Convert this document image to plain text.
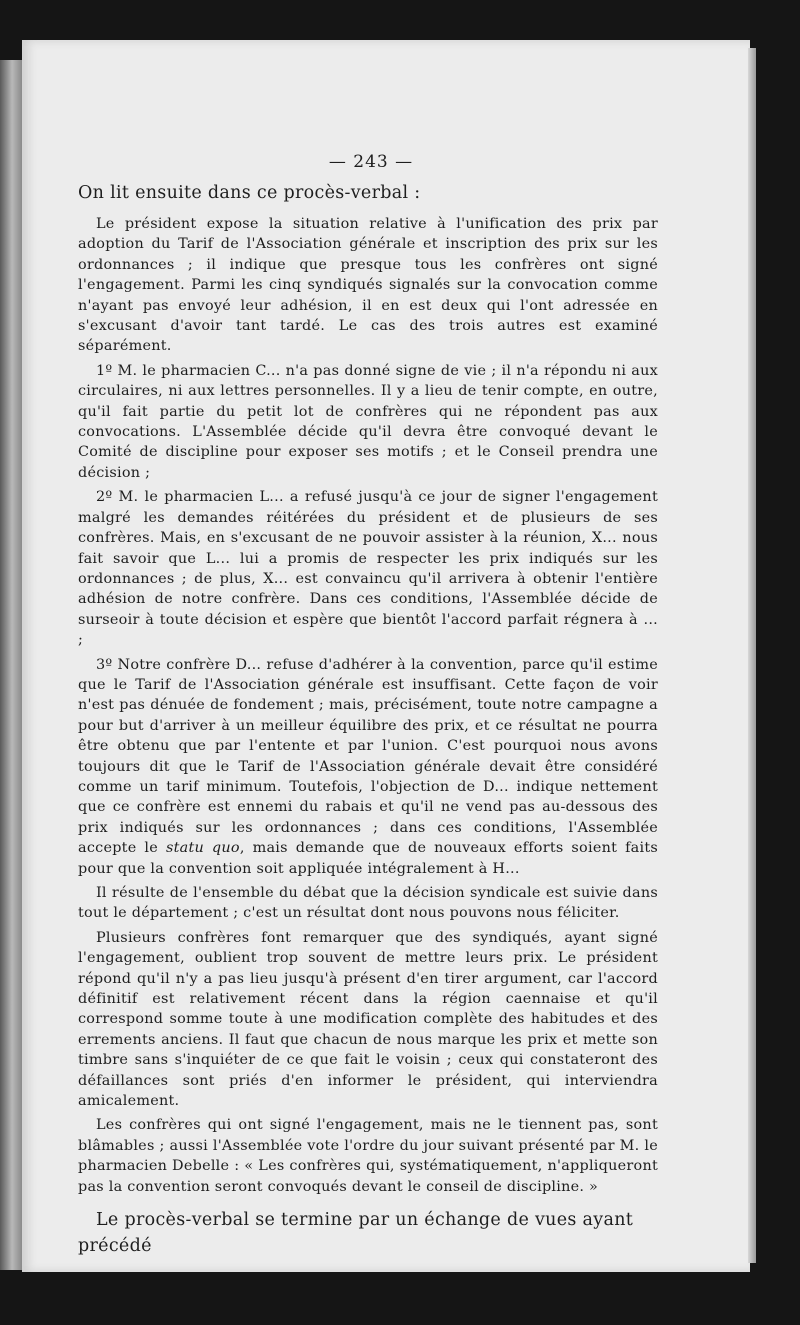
— 243 —

On lit ensuite dans ce procès-verbal :

Le président expose la situation relative à l'unification des prix par adoption du Tarif de l'Association générale et inscription des prix sur les ordonnances ; il indique que presque tous les confrères ont signé l'engagement. Parmi les cinq syndiqués signalés sur la convocation comme n'ayant pas envoyé leur adhésion, il en est deux qui l'ont adressée en s'excusant d'avoir tant tardé. Le cas des trois autres est examiné séparément.

1º M. le pharmacien C... n'a pas donné signe de vie ; il n'a répondu ni aux circulaires, ni aux lettres personnelles. Il y a lieu de tenir compte, en outre, qu'il fait partie du petit lot de confrères qui ne répondent pas aux convocations. L'Assemblée décide qu'il devra être convoqué devant le Comité de discipline pour exposer ses motifs ; et le Conseil prendra une décision ;

2º M. le pharmacien L... a refusé jusqu'à ce jour de signer l'engagement malgré les demandes réitérées du président et de plusieurs de ses confrères. Mais, en s'excusant de ne pouvoir assister à la réunion, X... nous fait savoir que L... lui a promis de respecter les prix indiqués sur les ordonnances ; de plus, X... est convaincu qu'il arrivera à obtenir l'entière adhésion de notre confrère. Dans ces conditions, l'Assemblée décide de surseoir à toute décision et espère que bientôt l'accord parfait régnera à ... ;

3º Notre confrère D... refuse d'adhérer à la convention, parce qu'il estime que le Tarif de l'Association générale est insuffisant. Cette façon de voir n'est pas dénuée de fondement ; mais, précisément, toute notre campagne a pour but d'arriver à un meilleur équilibre des prix, et ce résultat ne pourra être obtenu que par l'entente et par l'union. C'est pourquoi nous avons toujours dit que le Tarif de l'Association générale devait être considéré comme un tarif minimum. Toutefois, l'objection de D... indique nettement que ce confrère est ennemi du rabais et qu'il ne vend pas au-dessous des prix indiqués sur les ordonnances ; dans ces conditions, l'Assemblée accepte le statu quo, mais demande que de nouveaux efforts soient faits pour que la convention soit appliquée intégralement à H...

Il résulte de l'ensemble du débat que la décision syndicale est suivie dans tout le département ; c'est un résultat dont nous pouvons nous féliciter.

Plusieurs confrères font remarquer que des syndiqués, ayant signé l'engagement, oublient trop souvent de mettre leurs prix. Le président répond qu'il n'y a pas lieu jusqu'à présent d'en tirer argument, car l'accord définitif est relativement récent dans la région caennaise et qu'il correspond somme toute à une modification complète des habitudes et des errements anciens. Il faut que chacun de nous marque les prix et mette son timbre sans s'inquiéter de ce que fait le voisin ; ceux qui constateront des défaillances sont priés d'en informer le président, qui interviendra amicalement.

Les confrères qui ont signé l'engagement, mais ne le tiennent pas, sont blâmables ; aussi l'Assemblée vote l'ordre du jour suivant présenté par M. le pharmacien Debelle : « Les confrères qui, systématiquement, n'appliqueront pas la convention seront convoqués devant le conseil de discipline. »

Le procès-verbal se termine par un échange de vues ayant précédé
